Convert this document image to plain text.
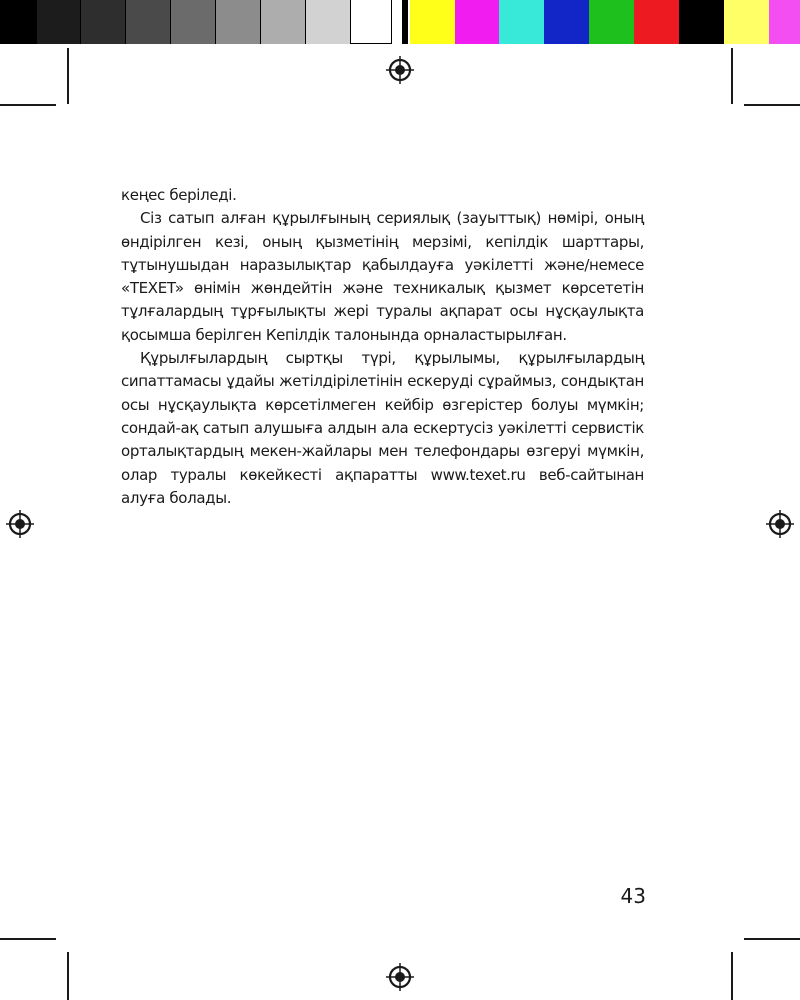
кеңес беріледі.

Сіз сатып алған құрылғының сериялық (зауыттық) нөмірі, оның өндірілген кезі, оның қызметінің мерзімі, кепілдік шарттары, тұтынушыдан наразылықтар қабылдауға уәкілетті және/немесе «TEXET» өнімін жөндейтін және техникалық қызмет көрсететін тұлғалардың тұрғылықты жері туралы ақпарат осы нұсқаулықта қосымша берілген Кепілдік талонында орналастырылған.

Құрылғылардың сыртқы түрі, құрылымы, құрылғылардың сипаттамасы ұдайы жетілдірілетінін ескеруді сұраймыз, сондықтан осы нұсқаулықта көрсетілмеген кейбір өзгерістер болуы мүмкін; сондай-ақ сатып алушыға алдын ала ескертусіз уәкілетті сервистік орталықтардың мекен-жайлары мен телефондары өзгеруі мүмкін, олар туралы көкейкесті ақпаратты www.texet.ru веб-сайтынан алуға болады.

43
